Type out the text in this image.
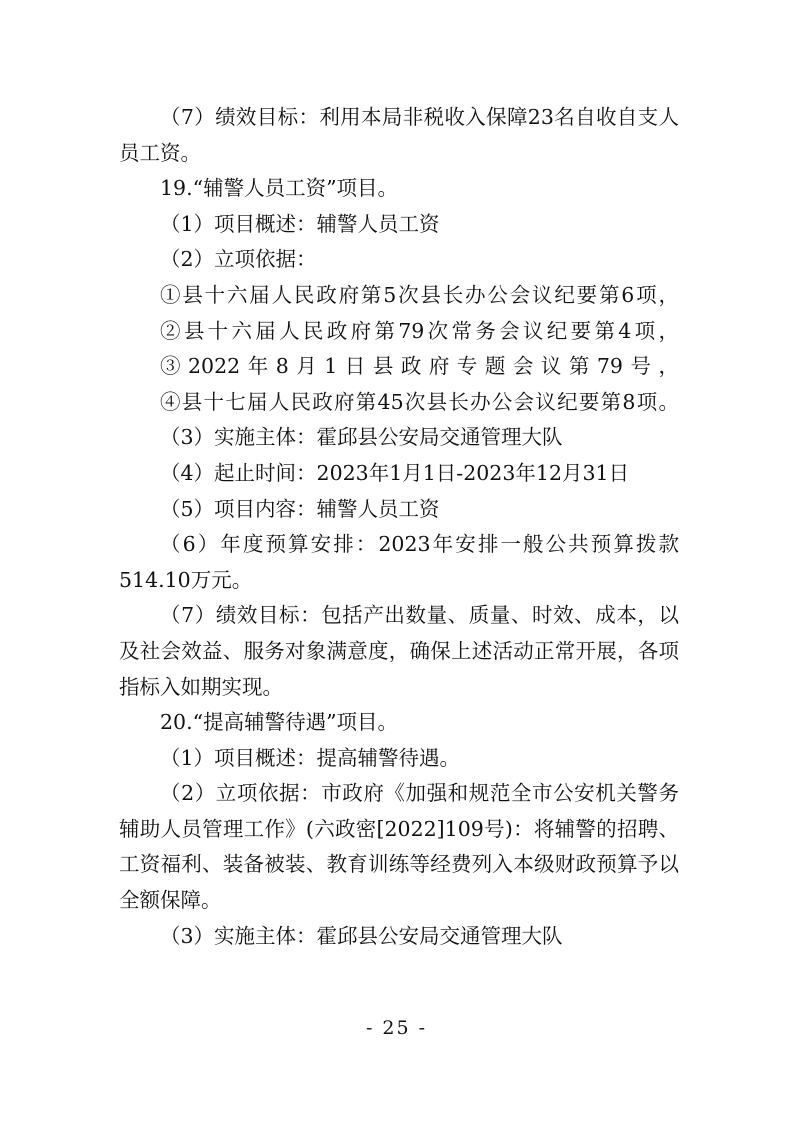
（7）绩效目标：利用本局非税收入保障23名自收自支人员工资。

19.“辅警人员工资”项目。

（1）项目概述：辅警人员工资

（2）立项依据：

①县十六届人民政府第5次县长办公会议纪要第6项，

②县十六届人民政府第79次常务会议纪要第4项，

③2022年8月1日县政府专题会议第79号，

④县十七届人民政府第45次县长办公会议纪要第8项。

（3）实施主体：霍邱县公安局交通管理大队

（4）起止时间：2023年1月1日-2023年12月31日

（5）项目内容：辅警人员工资

（6）年度预算安排：2023年安排一般公共预算拨款514.10万元。

（7）绩效目标：包括产出数量、质量、时效、成本，以及社会效益、服务对象满意度，确保上述活动正常开展，各项指标入如期实现。

20.“提高辅警待遇”项目。

（1）项目概述：提高辅警待遇。

（2）立项依据：市政府《加强和规范全市公安机关警务辅助人员管理工作》(六政密[2022]109号)：将辅警的招聘、工资福利、装备被装、教育训练等经费列入本级财政预算予以全额保障。

（3）实施主体：霍邱县公安局交通管理大队

- 25 -
